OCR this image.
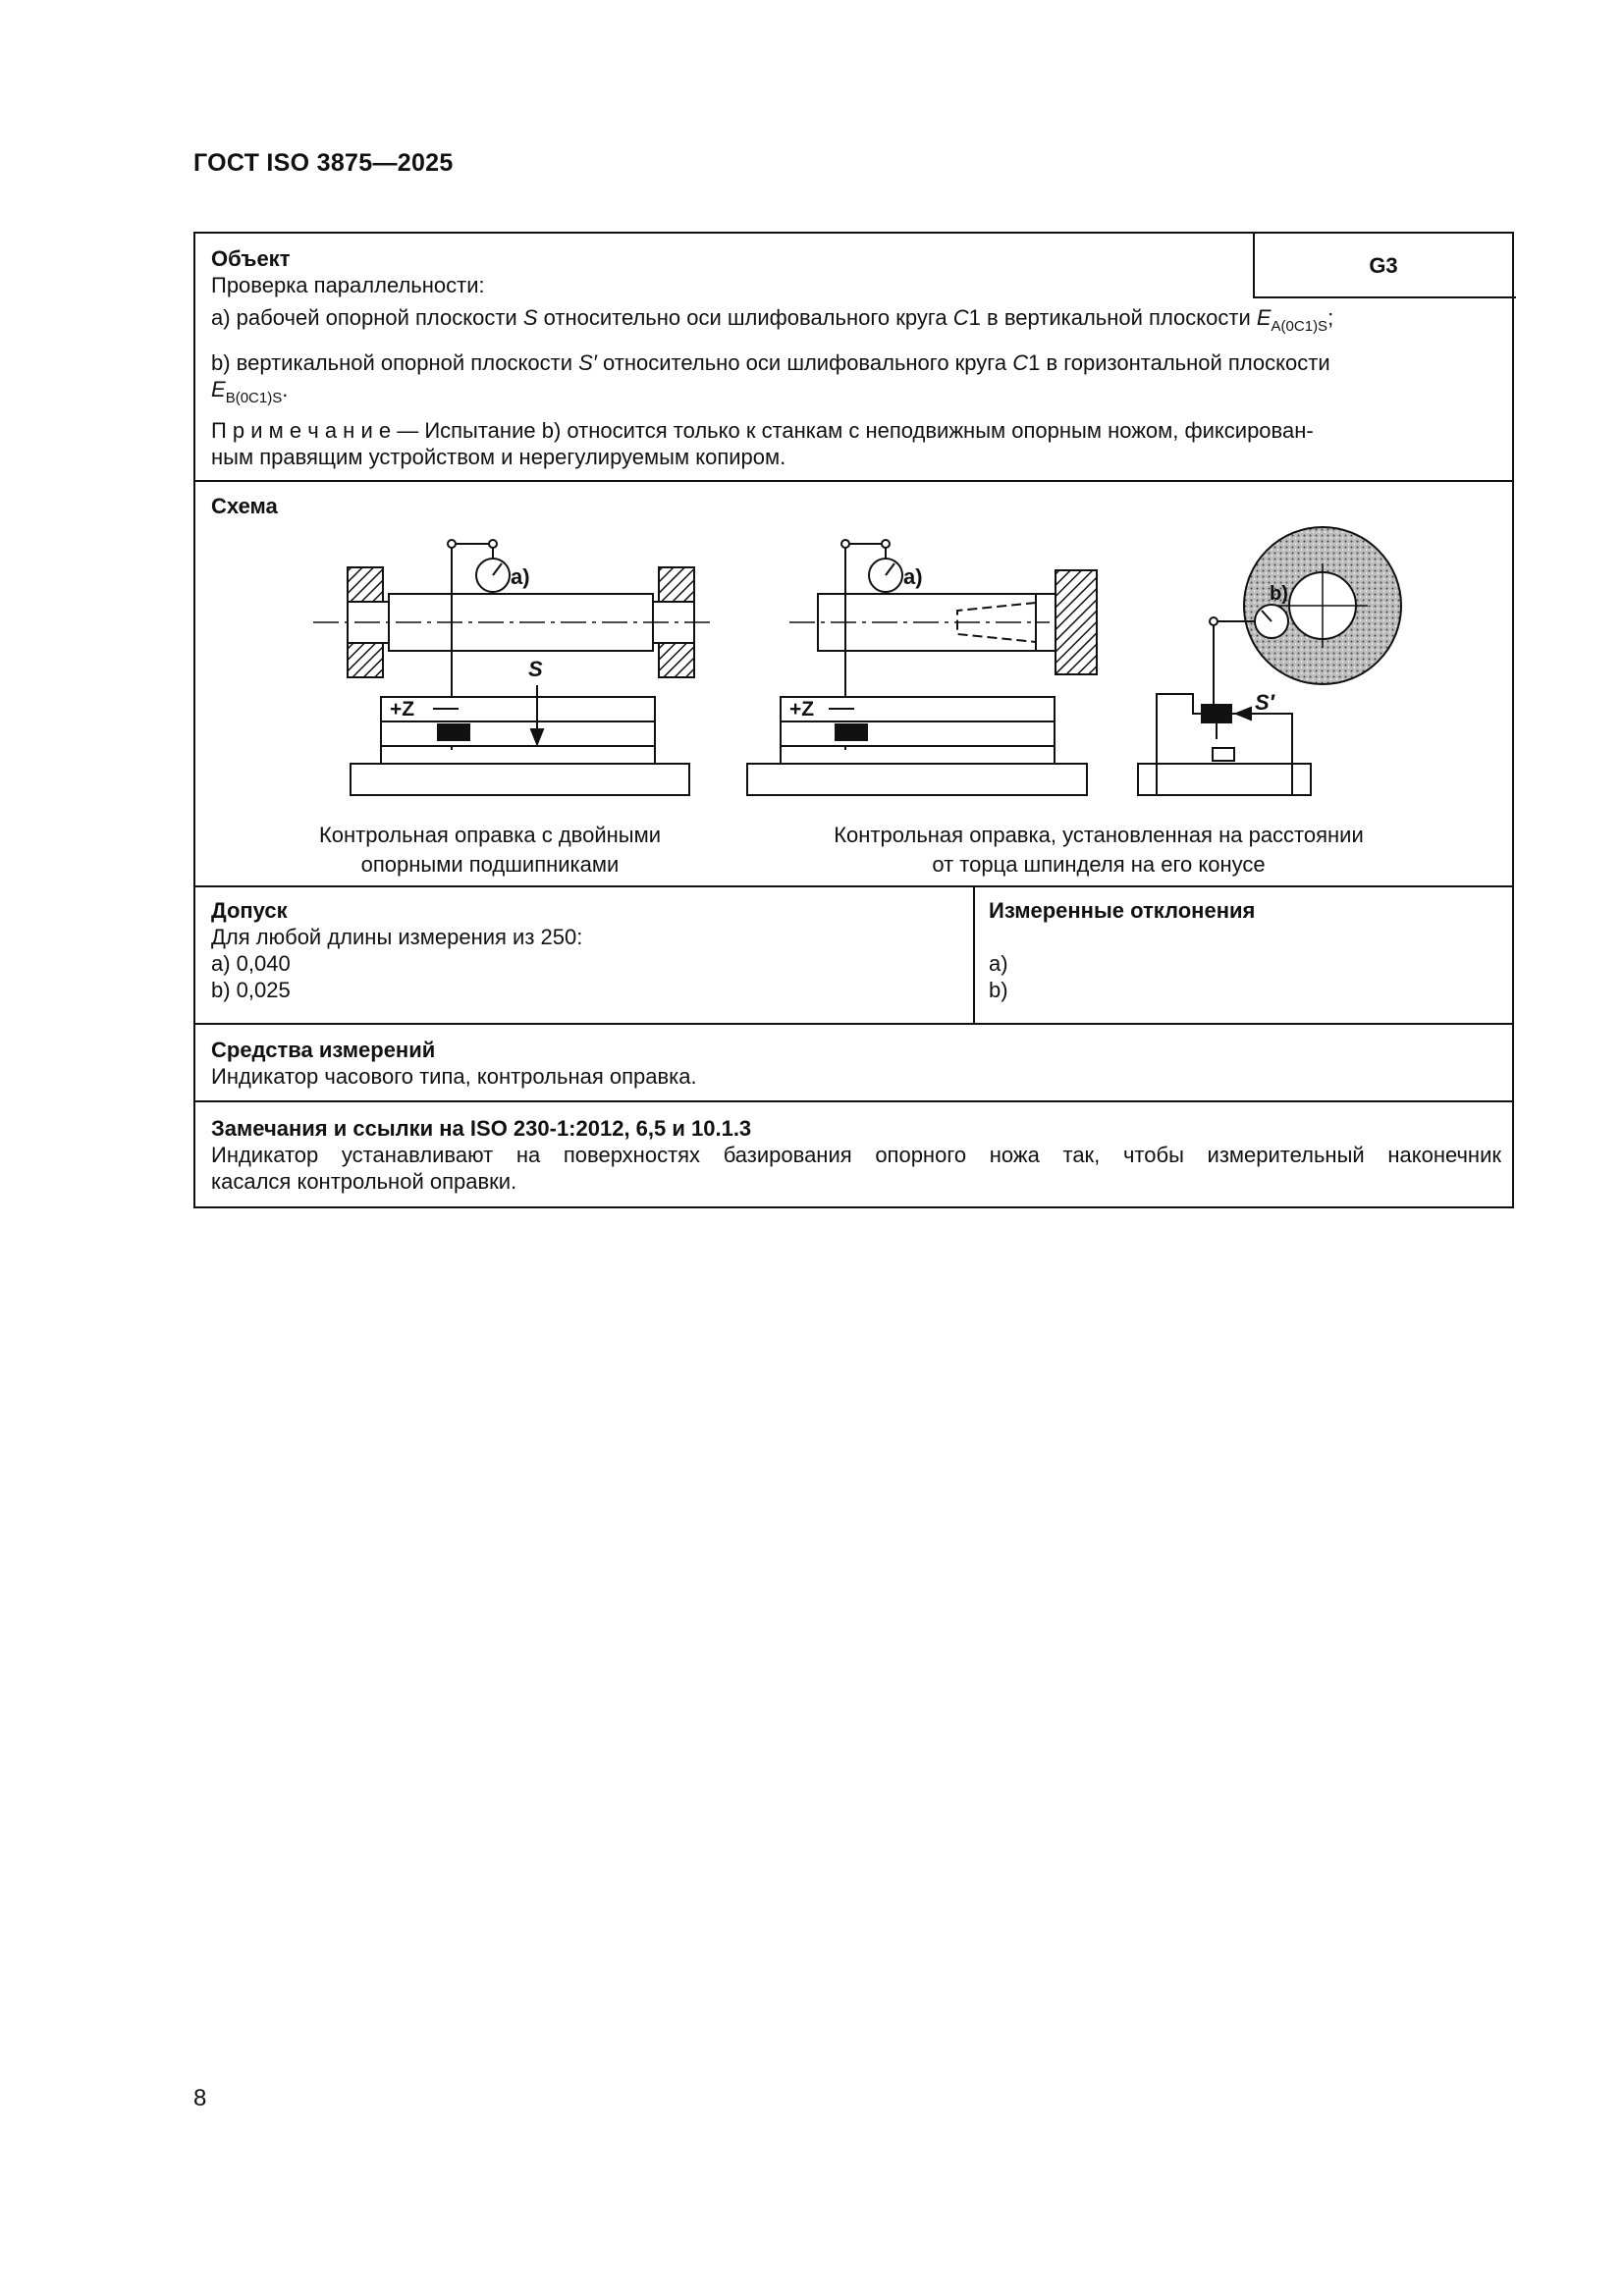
ГОСТ ISO 3875—2025
G3
Объект
Проверка параллельности:
a) рабочей опорной плоскости S относительно оси шлифовального круга C1 в вертикальной плоскости $E_{A(0C1)S}$;
b) вертикальной опорной плоскости S′ относительно оси шлифовального круга C1 в горизонтальной плоскости
$E_{B(0C1)S}$.
П р и м е ч а н и е — Испытание b) относится только к станкам с неподвижным опорным ножом, фиксирован-
ным правящим устройством и нерегулируемым копиром.
Схема
a)	a)
b)
S
S′
+Z	+Z
Контрольная оправка с двойными
опорными подшипниками
Контрольная оправка, установленная на расстоянии
от торца шпинделя на его конусе
Допуск
Для любой длины измерения из 250:
a) 0,040
b) 0,025
Измеренные отклонения

a)
b)
Средства измерений
Индикатор часового типа, контрольная оправка.
Замечания и ссылки на ISO 230-1:2012, 6,5 и 10.1.3
Индикатор устанавливают на поверхностях базирования опорного ножа так, чтобы измерительный наконечник
касался контрольной оправки.
8
